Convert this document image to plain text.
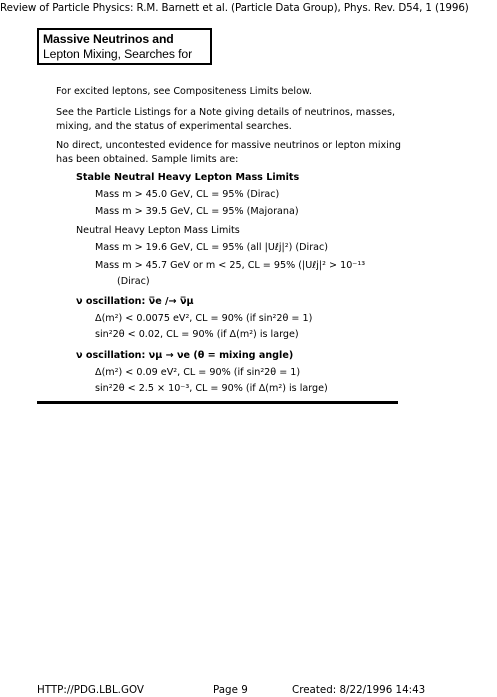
Review of Particle Physics: R.M. Barnett et al. (Particle Data Group), Phys. Rev. D54, 1 (1996)
Massive Neutrinos and
Lepton Mixing, Searches for
For excited leptons, see Compositeness Limits below.
See the Particle Listings for a Note giving details of neutrinos, masses,
mixing, and the status of experimental searches.
No direct, uncontested evidence for massive neutrinos or lepton mixing
has been obtained. Sample limits are:
Stable Neutral Heavy Lepton Mass Limits
Mass m > 45.0 GeV, CL = 95% (Dirac)
Mass m > 39.5 GeV, CL = 95% (Majorana)
Neutral Heavy Lepton Mass Limits
Mass m > 19.6 GeV, CL = 95% (all |Uℓj|²) (Dirac)
Mass m > 45.7 GeV or m < 25, CL = 95% (|Uℓj|² > 10⁻¹³
(Dirac)
ν oscillation: ν̅e /→ ν̅μ
Δ(m²) < 0.0075 eV², CL = 90% (if sin²2θ = 1)
sin²2θ < 0.02, CL = 90% (if Δ(m²) is large)
ν oscillation: νμ → νe (θ = mixing angle)
Δ(m²) < 0.09 eV², CL = 90% (if sin²2θ = 1)
sin²2θ < 2.5 × 10⁻³, CL = 90% (if Δ(m²) is large)
HTTP://PDG.LBL.GOV	Page 9	Created: 8/22/1996 14:43
